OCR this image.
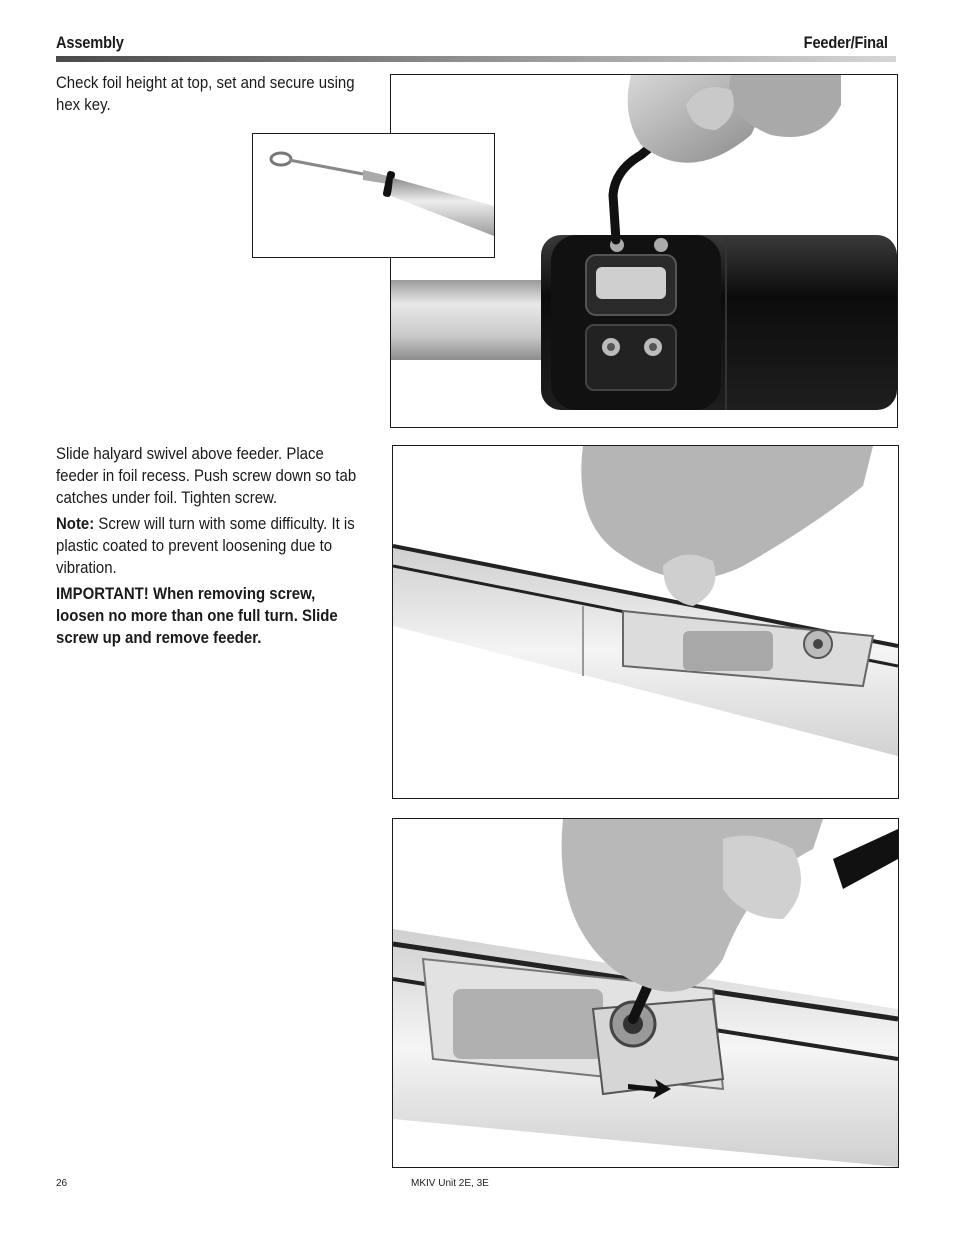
Assembly	Feeder/Final

Check foil height at top, set and secure using hex key.

Slide halyard swivel above feeder. Place feeder in foil recess. Push screw down so tab catches under foil. Tighten screw.

Note: Screw will turn with some difficulty. It is plastic coated to prevent loosening due to vibration.

IMPORTANT! When removing screw, loosen no more than one full turn. Slide screw up and remove feeder.

26	MKIV Unit 2E, 3E
